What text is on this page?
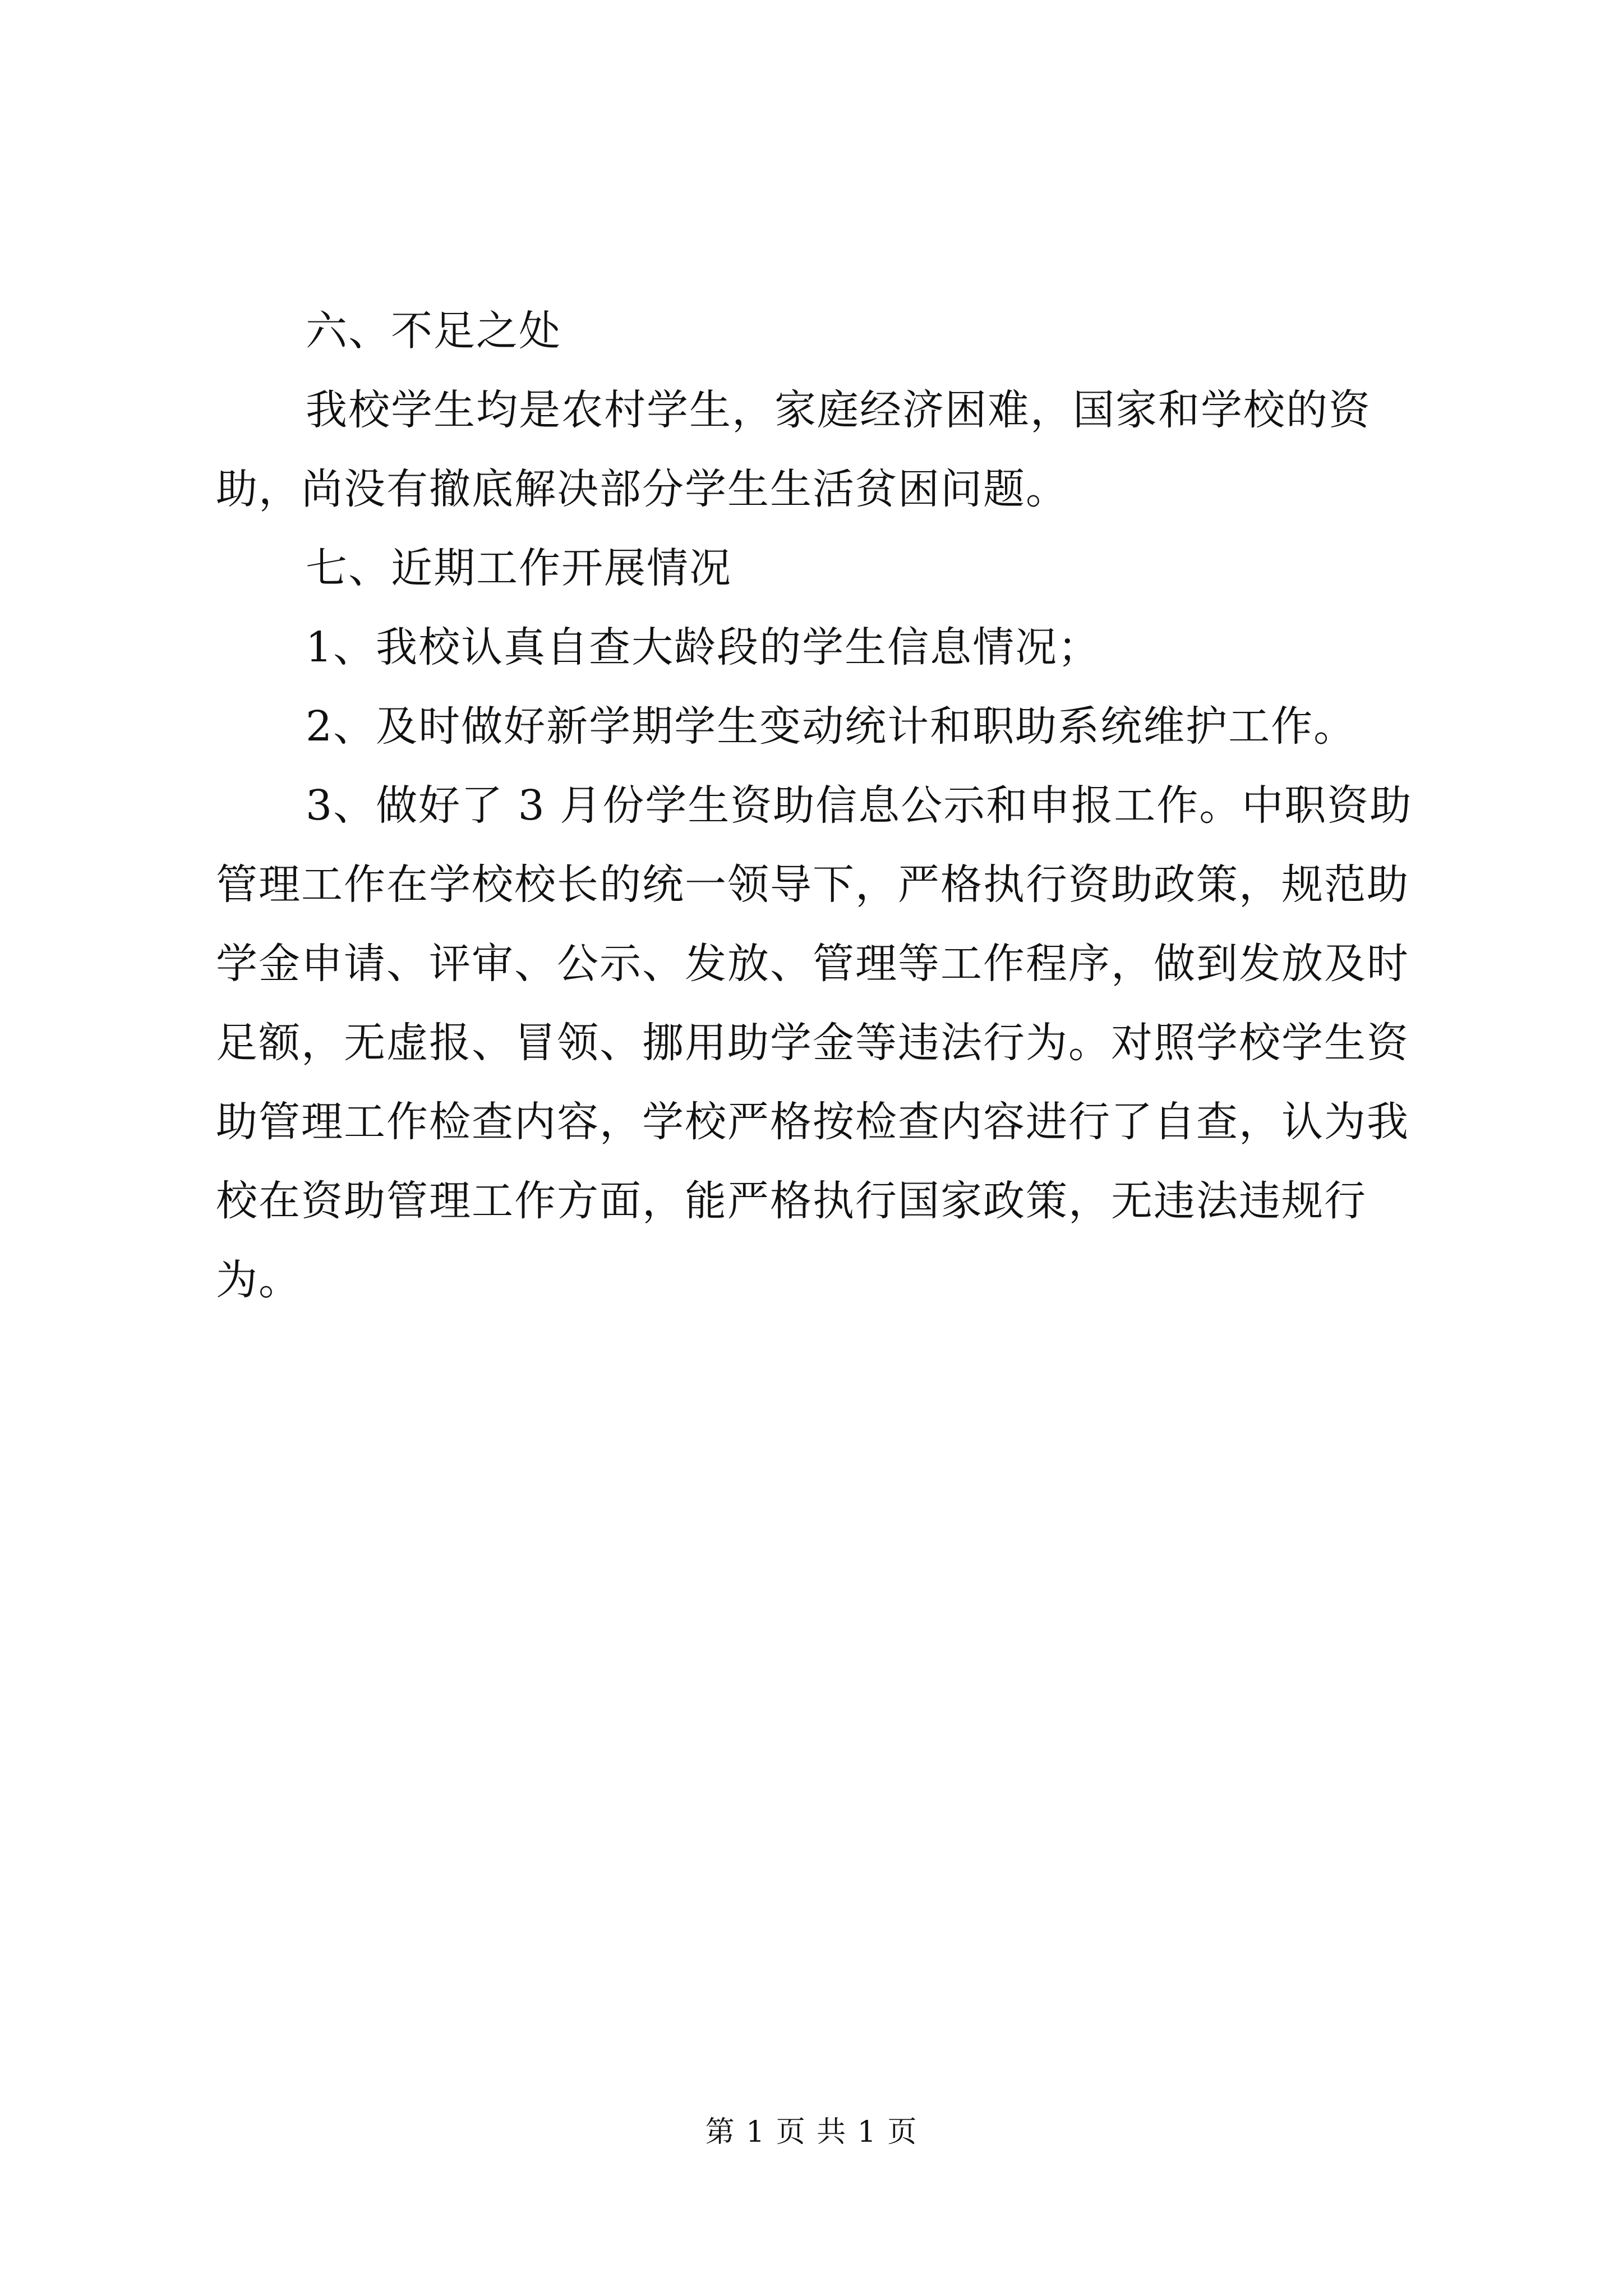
六、不足之处

我校学生均是农村学生，家庭经济困难，国家和学校的资助，尚没有撤底解决部分学生生活贫困问题。

七、近期工作开展情况

1、我校认真自查大龄段的学生信息情况；

2、及时做好新学期学生变动统计和职助系统维护工作。

3、做好了 3 月份学生资助信息公示和申报工作。中职资助管理工作在学校校长的统一领导下，严格执行资助政策，规范助学金申请、评审、公示、发放、管理等工作程序，做到发放及时足额，无虚报、冒领、挪用助学金等违法行为。对照学校学生资助管理工作检查内容，学校严格按检查内容进行了自查，认为我校在资助管理工作方面，能严格执行国家政策，无违法违规行为。

第 1 页 共 1 页
